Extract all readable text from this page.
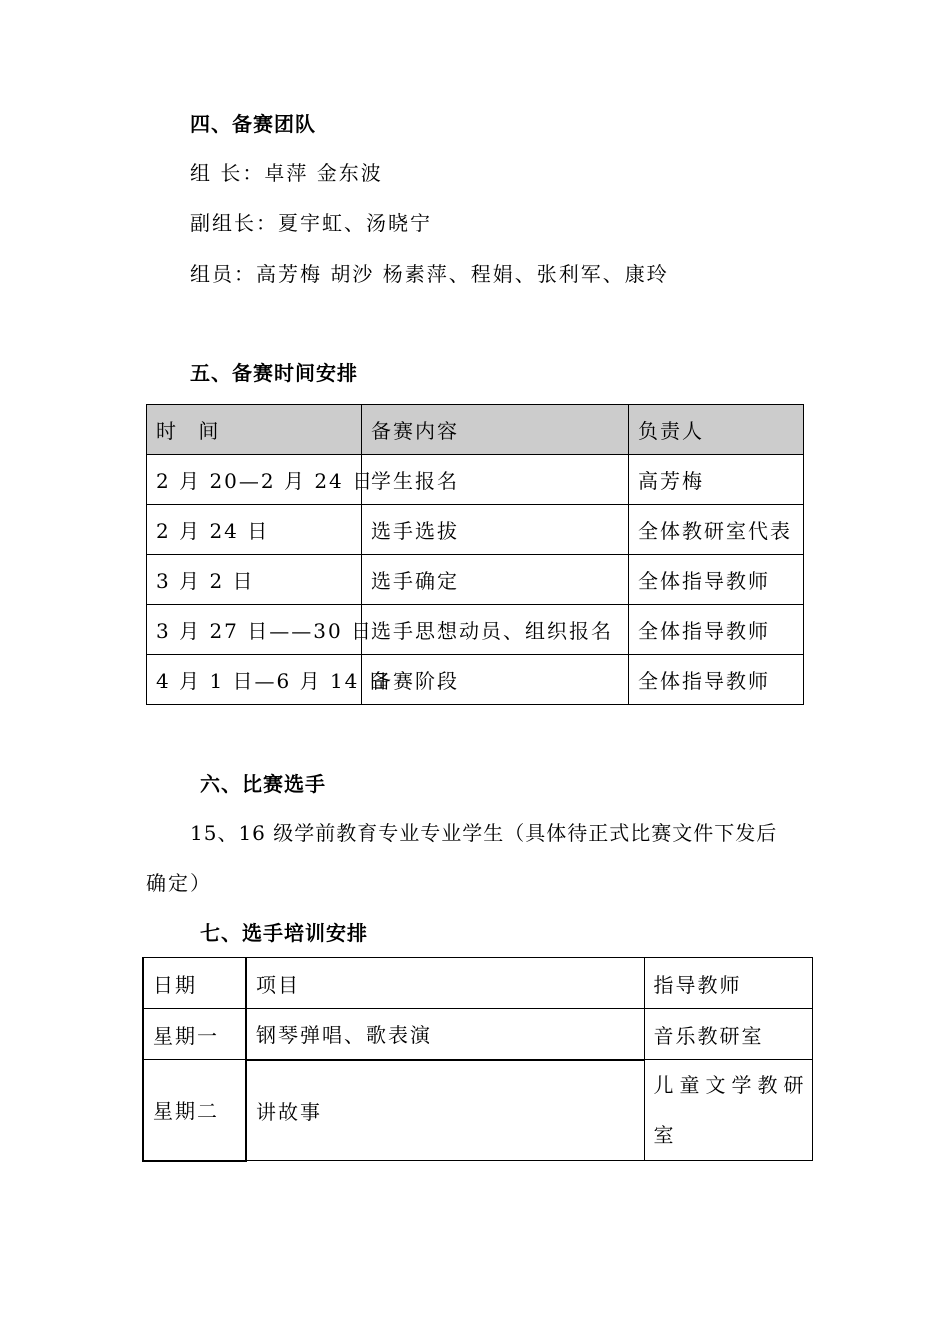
四、备赛团队
组 长：卓萍 金东波
副组长：夏宇虹、汤晓宁
组员：高芳梅 胡沙 杨素萍、程娟、张利军、康玲
五、备赛时间安排
时 间	备赛内容	负责人
2 月 20—2 月 24 日	学生报名	高芳梅
2 月 24 日	选手选拔	全体教研室代表
3 月 2 日	选手确定	全体指导教师
3 月 27 日——30 日	选手思想动员、组织报名	全体指导教师
4 月 1 日—6 月 14 日	备赛阶段	全体指导教师
六、比赛选手
15、16 级学前教育专业专业学生（具体待正式比赛文件下发后
确定）
七、选手培训安排
日期	项目	指导教师
星期一	钢琴弹唱、歌表演	音乐教研室
星期二	讲故事	儿童文学教研室
